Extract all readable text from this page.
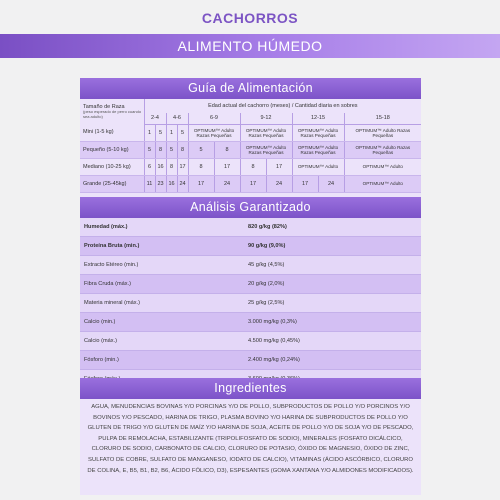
CACHORROS
ALIMENTO HÚMEDO
Guía de Alimentación
Tamaño de Raza
(peso esperado de perro cuando sea adulto)	Edad actual del cachorro (meses) / Cantidad diaria en sobres										
	2-4		4-6		6-9		9-12		12-15		15-18
Mini (1-5 kg)	1	5	1	5	OPTIMUM™ Adulto Razas Pequeñas		OPTIMUM™ Adulto Razas Pequeñas		OPTIMUM™ Adulto Razas Pequeñas		OPTIMUM™ Adulto Razas Pequeñas
Pequeño (5-10 kg)	5	8	5	8	5	8	OPTIMUM™ Adulto Razas Pequeñas		OPTIMUM™ Adulto Razas Pequeñas		OPTIMUM™ Adulto Razas Pequeñas
Mediano (10-25 kg)	6	16	8	17	8	17	8	17	OPTIMUM™ Adulto		OPTIMUM™ Adulto
Grande (25-45kg)	11	23	16	24	17	24	17	24	17	24	OPTIMUM™ Adulto
Análisis Garantizado
Humedad (máx.)	820 g/kg (82%)
Proteína Bruta (min.)	90 g/kg (9,0%)
Extracto Etéreo (min.)	45 g/kg (4,5%)
Fibra Cruda (máx.)	20 g/kg (2,0%)
Materia mineral (máx.)	25 g/kg (2,5%)
Calcio (min.)	3.000 mg/kg (0,3%)
Calcio (máx.)	4.500 mg/kg (0,45%)
Fósforo (min.)	2.400 mg/kg (0,24%)
Ingredientes
AGUA, MENUDENCIAS BOVINAS Y/O PORCINAS Y/O DE POLLO, SUBPRODUCTOS DE POLLO Y/O PORCINOS Y/O BOVINOS Y/O PESCADO, HARINA DE TRIGO, PLASMA BOVINO Y/O HARINA DE SUBPRODUCTOS DE POLLO Y/O GLUTEN DE TRIGO Y/O GLUTEN DE MAÍZ Y/O HARINA DE SOJA, ACEITE DE POLLO Y/O DE SOJA Y/O DE PESCADO, PULPA DE REMOLACHA, ESTABILIZANTE (TRIPOLIFOSFATO DE SODIO), MINERALES (FOSFATO DICÁLCICO, CLORURO DE SODIO, CARBONATO DE CALCIO, CLORURO DE POTASIO, ÓXIDO DE MAGNESIO, ÓXIDO DE ZINC, SULFATO DE COBRE, SULFATO DE MANGANESO, IODATO DE CALCIO), VITAMINAS (ÁCIDO ASCÓRBICO, CLORURO DE COLINA, E, B5, B1, B2, B6, ÁCIDO FÓLICO, D3), ESPESANTES (GOMA XANTANA Y/O ALMIDONES MODIFICADOS).
